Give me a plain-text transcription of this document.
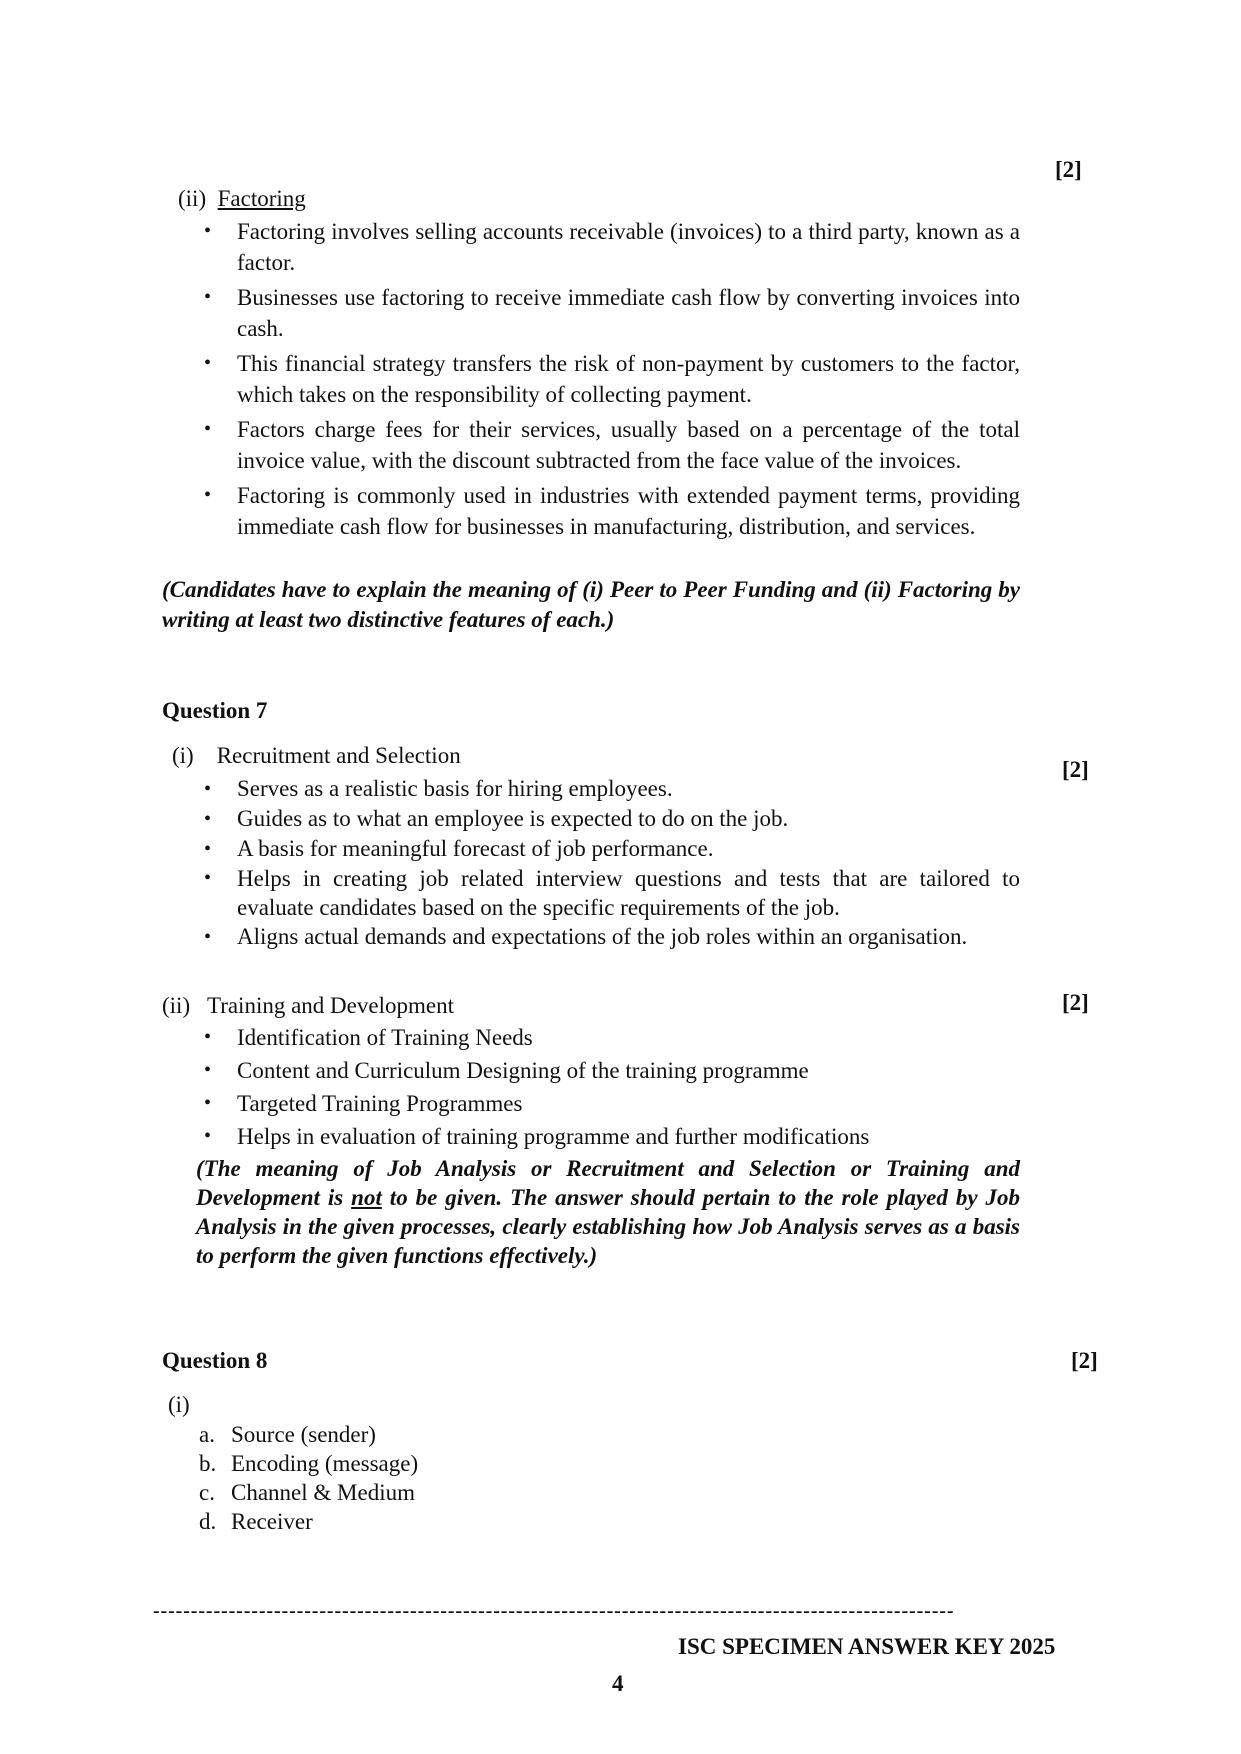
[2]
(ii) Factoring
• Factoring involves selling accounts receivable (invoices) to a third party, known as a factor.
• Businesses use factoring to receive immediate cash flow by converting invoices into cash.
• This financial strategy transfers the risk of non-payment by customers to the factor, which takes on the responsibility of collecting payment.
• Factors charge fees for their services, usually based on a percentage of the total invoice value, with the discount subtracted from the face value of the invoices.
• Factoring is commonly used in industries with extended payment terms, providing immediate cash flow for businesses in manufacturing, distribution, and services.
(Candidates have to explain the meaning of (i) Peer to Peer Funding and (ii) Factoring by writing at least two distinctive features of each.)
Question 7
(i) Recruitment and Selection
[2]
• Serves as a realistic basis for hiring employees.
• Guides as to what an employee is expected to do on the job.
• A basis for meaningful forecast of job performance.
• Helps in creating job related interview questions and tests that are tailored to evaluate candidates based on the specific requirements of the job.
• Aligns actual demands and expectations of the job roles within an organisation.
(ii) Training and Development	[2]
• Identification of Training Needs
• Content and Curriculum Designing of the training programme
• Targeted Training Programmes
• Helps in evaluation of training programme and further modifications
(The meaning of Job Analysis or Recruitment and Selection or Training and Development is not to be given. The answer should pertain to the role played by Job Analysis in the given processes, clearly establishing how Job Analysis serves as a basis to perform the given functions effectively.)
Question 8	[2]
(i)
a. Source (sender)
b. Encoding (message)
c. Channel & Medium
d. Receiver
----------------------------------------------------------------------------------------------------------
ISC SPECIMEN ANSWER KEY 2025
4
